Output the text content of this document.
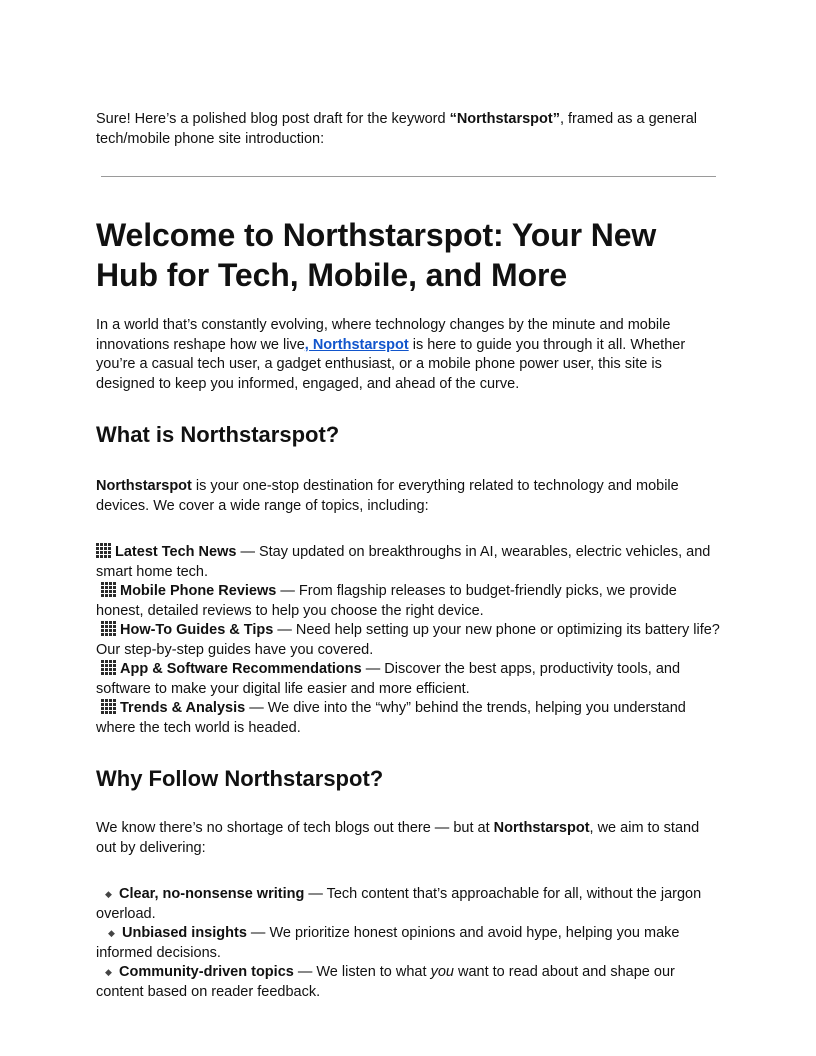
Sure! Here’s a polished blog post draft for the keyword “Northstarspot”, framed as a general tech/mobile phone site introduction:

Welcome to Northstarspot: Your New Hub for Tech, Mobile, and More

In a world that’s constantly evolving, where technology changes by the minute and mobile innovations reshape how we live, Northstarspot is here to guide you through it all. Whether you’re a casual tech user, a gadget enthusiast, or a mobile phone power user, this site is designed to keep you informed, engaged, and ahead of the curve.

What is Northstarspot?

Northstarspot is your one-stop destination for everything related to technology and mobile devices. We cover a wide range of topics, including:

Latest Tech News — Stay updated on breakthroughs in AI, wearables, electric vehicles, and smart home tech.

Mobile Phone Reviews — From flagship releases to budget-friendly picks, we provide honest, detailed reviews to help you choose the right device.

How-To Guides & Tips — Need help setting up your new phone or optimizing its battery life? Our step-by-step guides have you covered.

App & Software Recommendations — Discover the best apps, productivity tools, and software to make your digital life easier and more efficient.

Trends & Analysis — We dive into the “why” behind the trends, helping you understand where the tech world is headed.

Why Follow Northstarspot?

We know there’s no shortage of tech blogs out there — but at Northstarspot, we aim to stand out by delivering:

◆ Clear, no-nonsense writing — Tech content that’s approachable for all, without the jargon overload.

◆ Unbiased insights — We prioritize honest opinions and avoid hype, helping you make informed decisions.

◆ Community-driven topics — We listen to what you want to read about and shape our content based on reader feedback.
